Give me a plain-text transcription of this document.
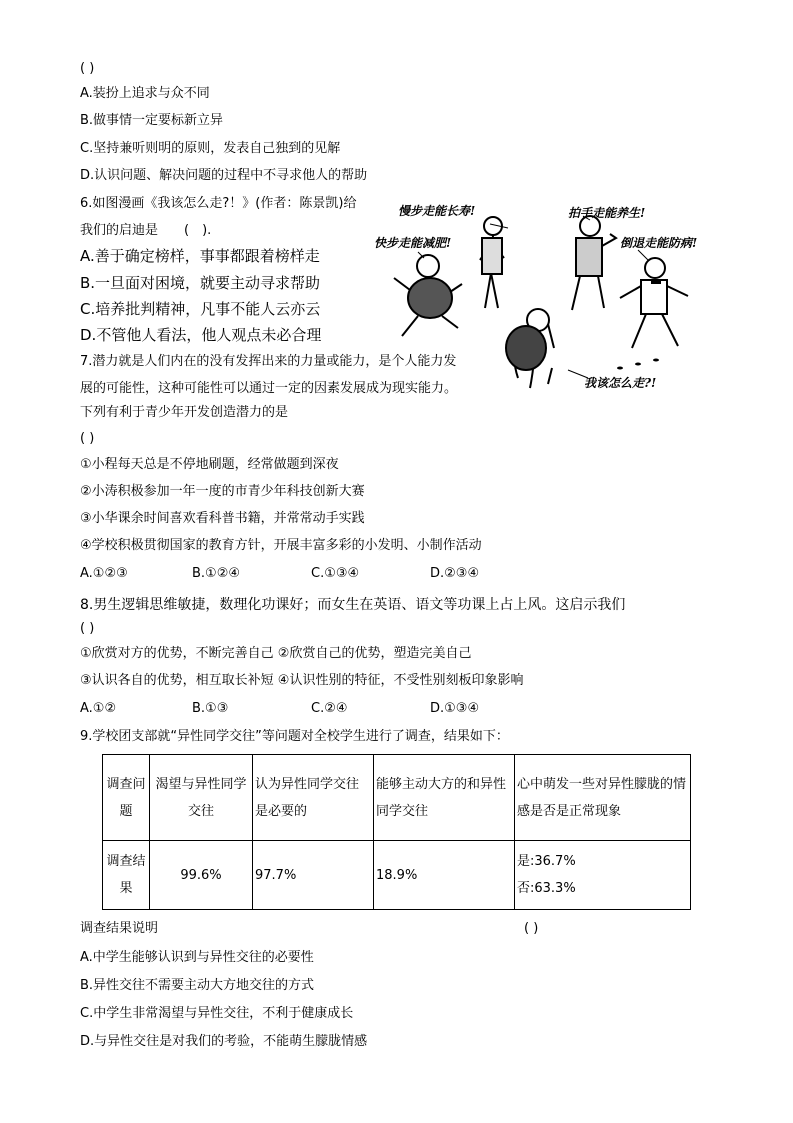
( )
A.装扮上追求与众不同
B.做事情一定要标新立异
C.坚持兼听则明的原则，发表自己独到的见解
D.认识问题、解决问题的过程中不寻求他人的帮助
6.如图漫画《我该怎么走?！》(作者：陈景凯)给
我们的启迪是　　(　).
A.善于确定榜样，事事都跟着榜样走
B.一旦面对困境，就要主动寻求帮助
C.培养批判精神，凡事不能人云亦云
D.不管他人看法，他人观点未必合理
慢步走能长寿!	拍手走能养生!
快步走能减肥!	倒退走能防病!
我该怎么走?!
7.潜力就是人们内在的没有发挥出来的力量或能力，是个人能力发
展的可能性，这种可能性可以通过一定的因素发展成为现实能力。
下列有利于青少年开发创造潜力的是
( )
①小程每天总是不停地刷题，经常做题到深夜
②小涛积极参加一年一度的市青少年科技创新大赛
③小华课余时间喜欢看科普书籍，并常常动手实践
④学校积极贯彻国家的教育方针，开展丰富多彩的小发明、小制作活动
A.①②③	B.①②④	C.①③④	D.②③④
8.男生逻辑思维敏捷，数理化功课好；而女生在英语、语文等功课上占上风。这启示我们
( )
①欣赏对方的优势，不断完善自己 ②欣赏自己的优势，塑造完美自己
③认识各自的优势，相互取长补短 ④认识性别的特征，不受性别刻板印象影响
A.①②	B.①③	C.②④	D.①③④
9.学校团支部就“异性同学交往”等问题对全校学生进行了调查，结果如下：
调查问题	渴望与异性同学交往	认为异性同学交往是必要的	能够主动大方的和异性同学交往	心中萌发一些对异性朦胧的情感是否是正常现象
调查结果	99.6%	97.7%	18.9%	是:36.7%
否:63.3%
调查结果说明	( )
A.中学生能够认识到与异性交往的必要性
B.异性交往不需要主动大方地交往的方式
C.中学生非常渴望与异性交往，不利于健康成长
D.与异性交往是对我们的考验，不能萌生朦胧情感
